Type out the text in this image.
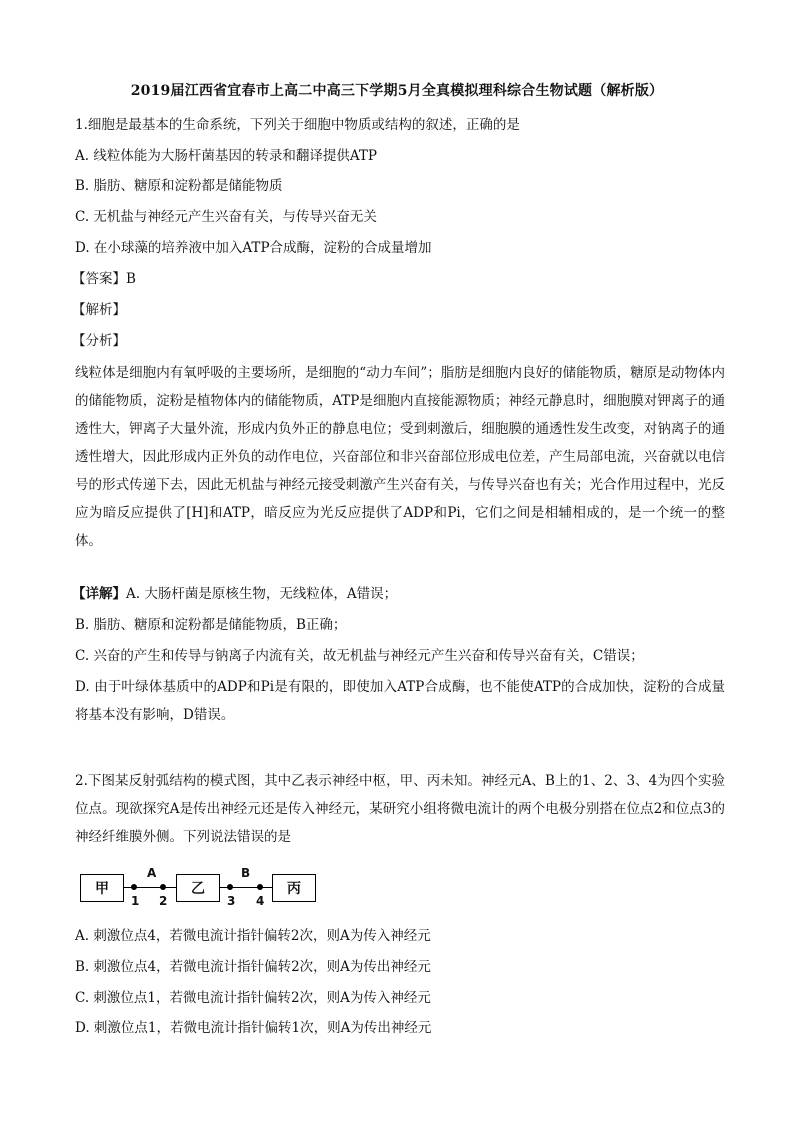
2019届江西省宜春市上高二中高三下学期5月全真模拟理科综合生物试题（解析版）
1.细胞是最基本的生命系统，下列关于细胞中物质或结构的叙述，正确的是
A. 线粒体能为大肠杆菌基因的转录和翻译提供ATP
B. 脂肪、糖原和淀粉都是储能物质
C. 无机盐与神经元产生兴奋有关，与传导兴奋无关
D. 在小球藻的培养液中加入ATP合成酶，淀粉的合成量增加
【答案】B
【解析】
【分析】
线粒体是细胞内有氧呼吸的主要场所，是细胞的“动力车间”；脂肪是细胞内良好的储能物质，糖原是动物体内的储能物质，淀粉是植物体内的储能物质，ATP是细胞内直接能源物质；神经元静息时，细胞膜对钾离子的通透性大，钾离子大量外流，形成内负外正的静息电位；受到刺激后，细胞膜的通透性发生改变，对钠离子的通透性增大，因此形成内正外负的动作电位，兴奋部位和非兴奋部位形成电位差，产生局部电流，兴奋就以电信号的形式传递下去，因此无机盐与神经元接受刺激产生兴奋有关，与传导兴奋也有关；光合作用过程中，光反应为暗反应提供了[H]和ATP，暗反应为光反应提供了ADP和Pi，它们之间是相辅相成的，是一个统一的整体。
【详解】A. 大肠杆菌是原核生物，无线粒体，A错误；
B. 脂肪、糖原和淀粉都是储能物质，B正确；
C. 兴奋的产生和传导与钠离子内流有关，故无机盐与神经元产生兴奋和传导兴奋有关，C错误；
D. 由于叶绿体基质中的ADP和Pi是有限的，即使加入ATP合成酶，也不能使ATP的合成加快，淀粉的合成量将基本没有影响，D错误。
2.下图某反射弧结构的模式图，其中乙表示神经中枢，甲、丙未知。神经元A、B上的1、2、3、4为四个实验位点。现欲探究A是传出神经元还是传入神经元，某研究小组将微电流计的两个电极分别搭在位点2和位点3的神经纤维膜外侧。下列说法错误的是
甲
A
1 2
乙
B
3 4
丙
A. 刺激位点4，若微电流计指针偏转2次，则A为传入神经元
B. 刺激位点4，若微电流计指针偏转2次，则A为传出神经元
C. 刺激位点1，若微电流计指针偏转2次，则A为传入神经元
D. 刺激位点1，若微电流计指针偏转1次，则A为传出神经元
